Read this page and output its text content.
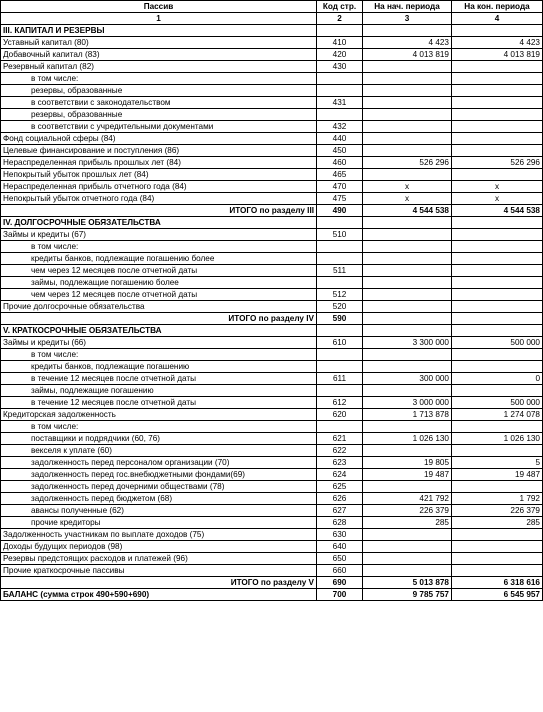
Пассив	Код стр.	На нач. периода	На кон. периода
1	2	3	4
III. КАПИТАЛ И РЕЗЕРВЫ			
Уставный капитал (80)	410	4 423	4 423
Добавочный капитал (83)	420	4 013 819	4 013 819
Резервный капитал (82)	430		
в том числе:			
резервы, образованные			
в соответствии с законодательством	431		
резервы, образованные			
в соответствии с учредительными документами	432		
Фонд социальной сферы (84)	440		
Целевые финансирование и поступления (86)	450		
Нераспределенная прибыль прошлых лет (84)	460	526 296	526 296
Непокрытый убыток прошлых лет (84)	465		
Нераспределенная прибыль отчетного года (84)	470	x	x
Непокрытый убыток отчетного года (84)	475	x	x
ИТОГО по разделу III	490	4 544 538	4 544 538
IV. ДОЛГОСРОЧНЫЕ ОБЯЗАТЕЛЬСТВА			
Займы и кредиты (67)	510		
в том числе:			
кредиты банков, подлежащие погашению более			
чем через 12 месяцев после отчетной даты	511		
займы, подлежащие погашению более			
чем через 12 месяцев после отчетной даты	512		
Прочие долгосрочные обязательства	520		
ИТОГО по разделу IV	590		
V. КРАТКОСРОЧНЫЕ ОБЯЗАТЕЛЬСТВА			
Займы и кредиты (66)	610	3 300 000	500 000
в том числе:			
кредиты банков, подлежащие погашению			
в течение 12 месяцев после отчетной даты	611	300 000	0
займы, подлежащие погашению			
в течение 12 месяцев после отчетной даты	612	3 000 000	500 000
Кредиторская задолженность	620	1 713 878	1 274 078
в том числе:			
поставщики и подрядчики (60, 76)	621	1 026 130	1 026 130
векселя к уплате (60)	622		
задолженность перед персоналом организации (70)	623	19 805	5
задолженность перед гос.внебюджетными фондами(69)	624	19 487	19 487
задолженность перед дочерними обществами (78)	625		
задолженность перед бюджетом (68)	626	421 792	1 792
авансы полученные (62)	627	226 379	226 379
прочие кредиторы	628	285	285
Задолженность участникам по выплате доходов (75)	630		
Доходы будущих периодов (98)	640		
Резервы предстоящих расходов и платежей (96)	650		
Прочие краткосрочные пассивы	660		
ИТОГО по разделу V	690	5 013 878	6 318 616
БАЛАНС (сумма строк 490+590+690)	700	9 785 757	6 545 957
